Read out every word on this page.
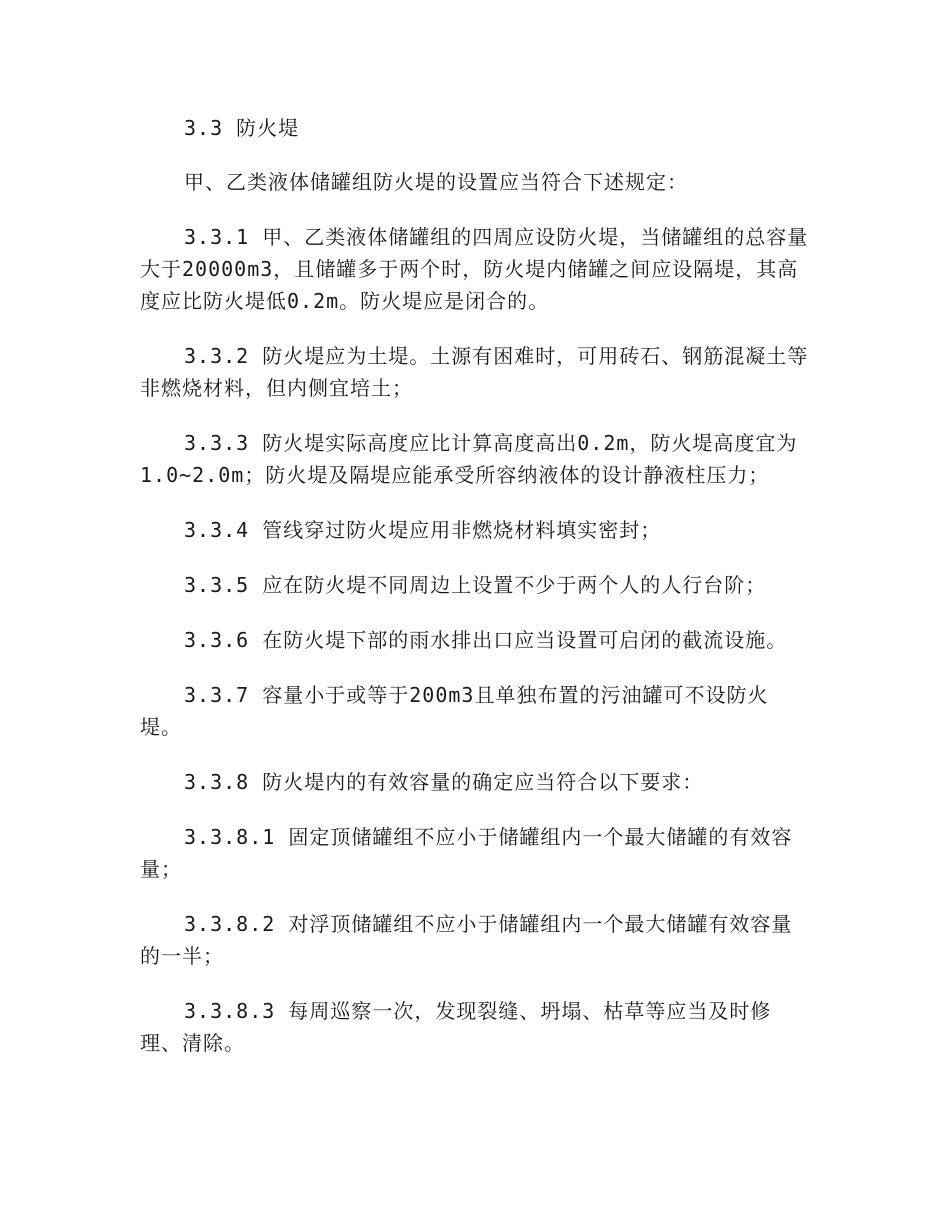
3.3 防火堤

甲、乙类液体储罐组防火堤的设置应当符合下述规定：

3.3.1 甲、乙类液体储罐组的四周应设防火堤，当储罐组的总容量大于20000m3，且储罐多于两个时，防火堤内储罐之间应设隔堤，其高度应比防火堤低0.2m。防火堤应是闭合的。

3.3.2 防火堤应为土堤。土源有困难时，可用砖石、钢筋混凝土等非燃烧材料，但内侧宜培土；

3.3.3 防火堤实际高度应比计算高度高出0.2m，防火堤高度宜为1.0~2.0m；防火堤及隔堤应能承受所容纳液体的设计静液柱压力；

3.3.4 管线穿过防火堤应用非燃烧材料填实密封；

3.3.5 应在防火堤不同周边上设置不少于两个人的人行台阶；

3.3.6 在防火堤下部的雨水排出口应当设置可启闭的截流设施。

3.3.7 容量小于或等于200m3且单独布置的污油罐可不设防火堤。

3.3.8 防火堤内的有效容量的确定应当符合以下要求：

3.3.8.1 固定顶储罐组不应小于储罐组内一个最大储罐的有效容量；

3.3.8.2 对浮顶储罐组不应小于储罐组内一个最大储罐有效容量的一半；

3.3.8.3 每周巡察一次，发现裂缝、坍塌、枯草等应当及时修理、清除。
